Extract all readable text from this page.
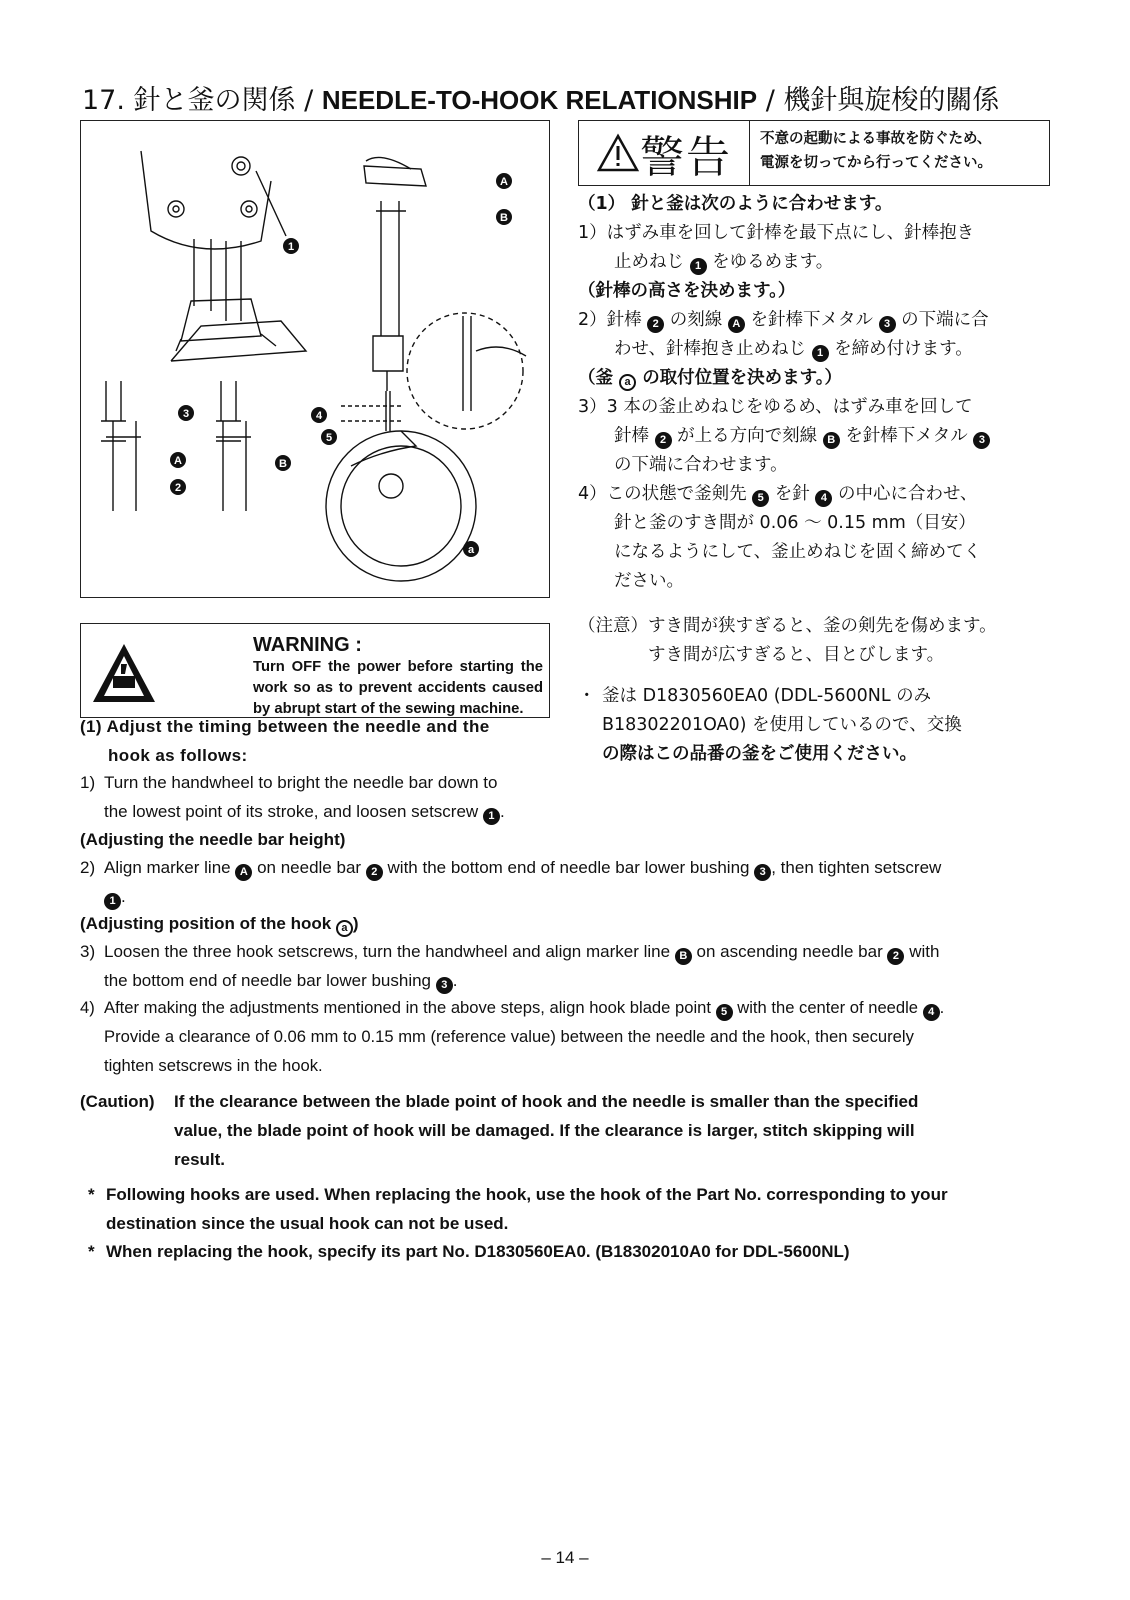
17. 針と釜の関係 / NEEDLE-TO-HOOK RELATIONSHIP / 機針與旋梭的關係
A
B
1
3
A
2
B
4
5
a
警告 不意の起動による事故を防ぐため、
電源を切ってから行ってください。
（1） 針と釜は次のように合わせます。
1）はずみ車を回して針棒を最下点にし、針棒抱き
止めねじ 1 をゆるめます。
（針棒の高さを決めます。）
2）針棒 2 の刻線 A を針棒下メタル 3 の下端に合
わせ、針棒抱き止めねじ 1 を締め付けます。
（釜 a の取付位置を決めます。）
3）3 本の釜止めねじをゆるめ、はずみ車を回して
針棒 2 が上る方向で刻線 B を針棒下メタル 3
の下端に合わせます。
4）この状態で釜剣先 5 を針 4 の中心に合わせ、
針と釜のすき間が 0.06 ～ 0.15 mm（目安）
になるようにして、釜止めねじを固く締めてく
ださい。
（注意）すき間が狭すぎると、釜の剣先を傷めます。
すき間が広すぎると、目とびします。
・ 釜は D1830560EA0 (DDL-5600NL のみ
B18302201OA0) を使用しているので、交換
の際はこの品番の釜をご使用ください。
WARNING :
Turn OFF the power before starting the work so as to prevent accidents caused by abrupt start of the sewing machine.
(1) Adjust the timing between the needle and the
hook as follows:
1) Turn the handwheel to bright the needle bar down to
the lowest point of its stroke, and loosen setscrew 1 .
(Adjusting the needle bar height)
2) Align marker line A on needle bar 2 with the bottom end of needle bar lower bushing 3 , then tighten setscrew
1 .
(Adjusting position of the hook a )
3) Loosen the three hook setscrews, turn the handwheel and align marker line B on ascending needle bar 2 with
the bottom end of needle bar lower bushing 3 .
4) After making the adjustments mentioned in the above steps, align hook blade point 5 with the center of needle 4 .
Provide a clearance of 0.06 mm to 0.15 mm (reference value) between the needle and the hook, then securely
tighten setscrews in the hook.
(Caution)	If the clearance between the blade point of hook and the needle is smaller than the specified
value, the blade point of hook will be damaged. If the clearance is larger, stitch skipping will
result.
* Following hooks are used. When replacing the hook, use the hook of the Part No. corresponding to your
destination since the usual hook can not be used.
* When replacing the hook, specify its part No. D1830560EA0. (B18302010A0 for DDL-5600NL)
– 14 –
